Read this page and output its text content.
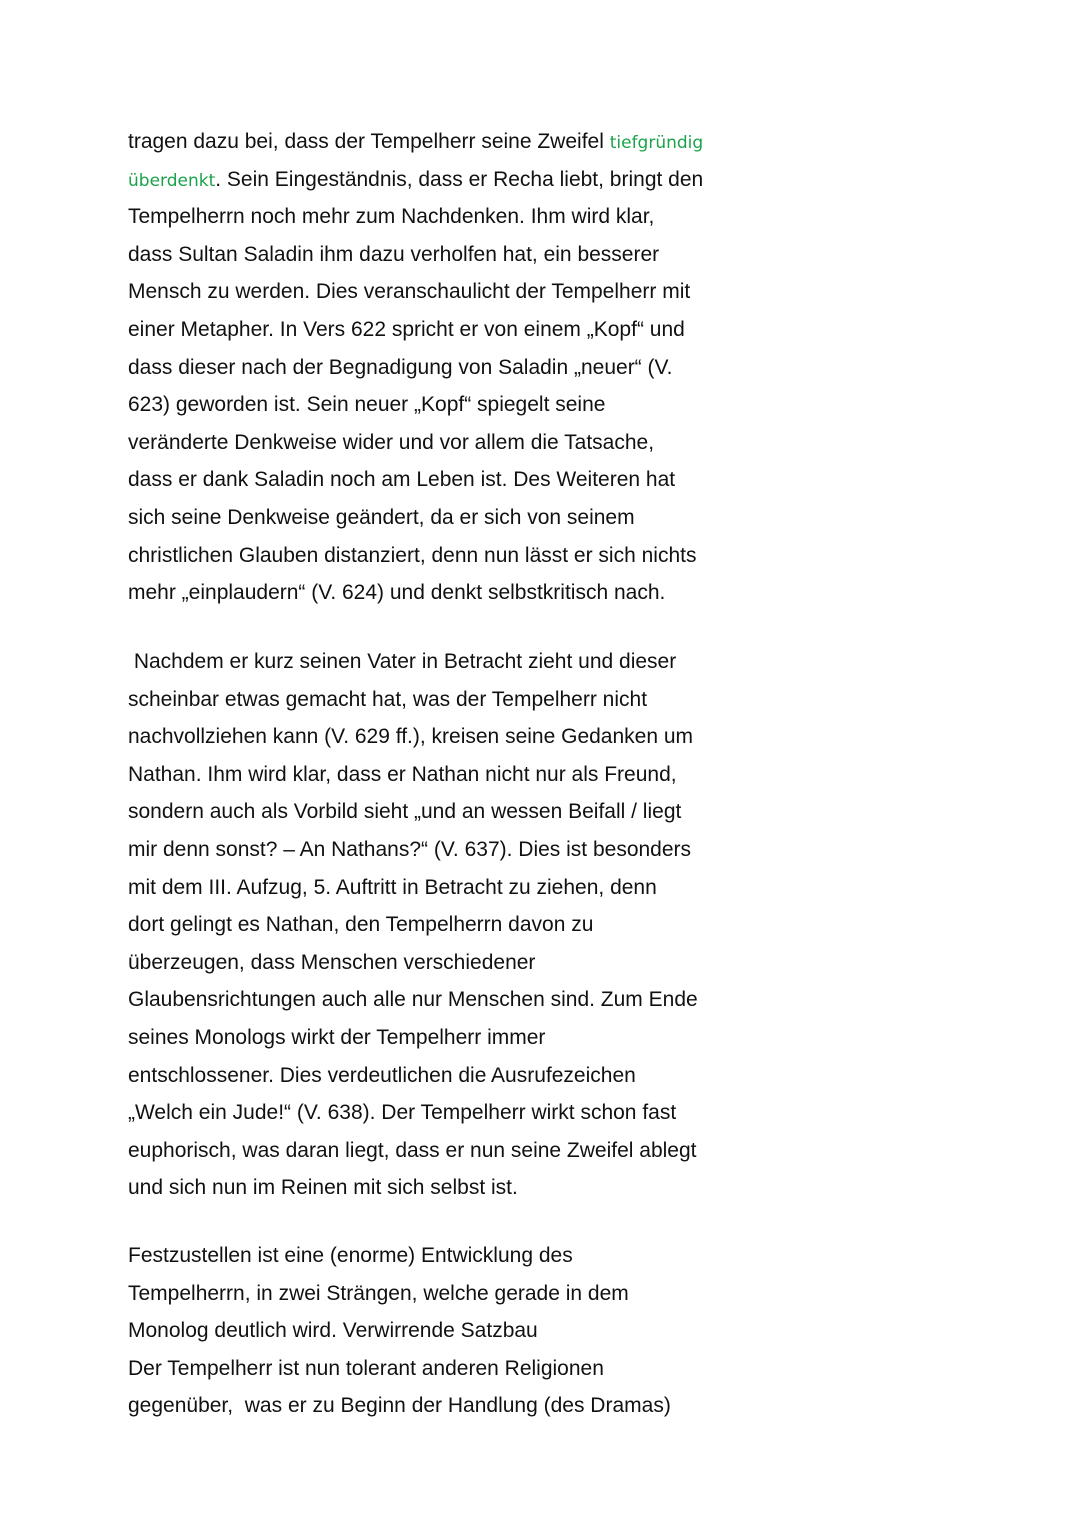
tragen dazu bei, dass der Tempelherr seine Zweifel tiefgründig
überdenkt. Sein Eingeständnis, dass er Recha liebt, bringt den
Tempelherrn noch mehr zum Nachdenken. Ihm wird klar,
dass Sultan Saladin ihm dazu verholfen hat, ein besserer
Mensch zu werden. Dies veranschaulicht der Tempelherr mit
einer Metapher. In Vers 622 spricht er von einem „Kopf“ und
dass dieser nach der Begnadigung von Saladin „neuer“ (V.
623) geworden ist. Sein neuer „Kopf“ spiegelt seine
veränderte Denkweise wider und vor allem die Tatsache,
dass er dank Saladin noch am Leben ist. Des Weiteren hat
sich seine Denkweise geändert, da er sich von seinem
christlichen Glauben distanziert, denn nun lässt er sich nichts
mehr „einplaudern“ (V. 624) und denkt selbstkritisch nach.
Nachdem er kurz seinen Vater in Betracht zieht und dieser
scheinbar etwas gemacht hat, was der Tempelherr nicht
nachvollziehen kann (V. 629 ff.), kreisen seine Gedanken um
Nathan. Ihm wird klar, dass er Nathan nicht nur als Freund,
sondern auch als Vorbild sieht „und an wessen Beifall / liegt
mir denn sonst? – An Nathans?“ (V. 637). Dies ist besonders
mit dem III. Aufzug, 5. Auftritt in Betracht zu ziehen, denn
dort gelingt es Nathan, den Tempelherrn davon zu
überzeugen, dass Menschen verschiedener
Glaubensrichtungen auch alle nur Menschen sind. Zum Ende
seines Monologs wirkt der Tempelherr immer
entschlossener. Dies verdeutlichen die Ausrufezeichen
„Welch ein Jude!“ (V. 638). Der Tempelherr wirkt schon fast
euphorisch, was daran liegt, dass er nun seine Zweifel ablegt
und sich nun im Reinen mit sich selbst ist.
Festzustellen ist eine (enorme) Entwicklung des
Tempelherrn, in zwei Strängen, welche gerade in dem
Monolog deutlich wird. Verwirrende Satzbau
Der Tempelherr ist nun tolerant anderen Religionen
gegenüber,  was er zu Beginn der Handlung (des Dramas)
